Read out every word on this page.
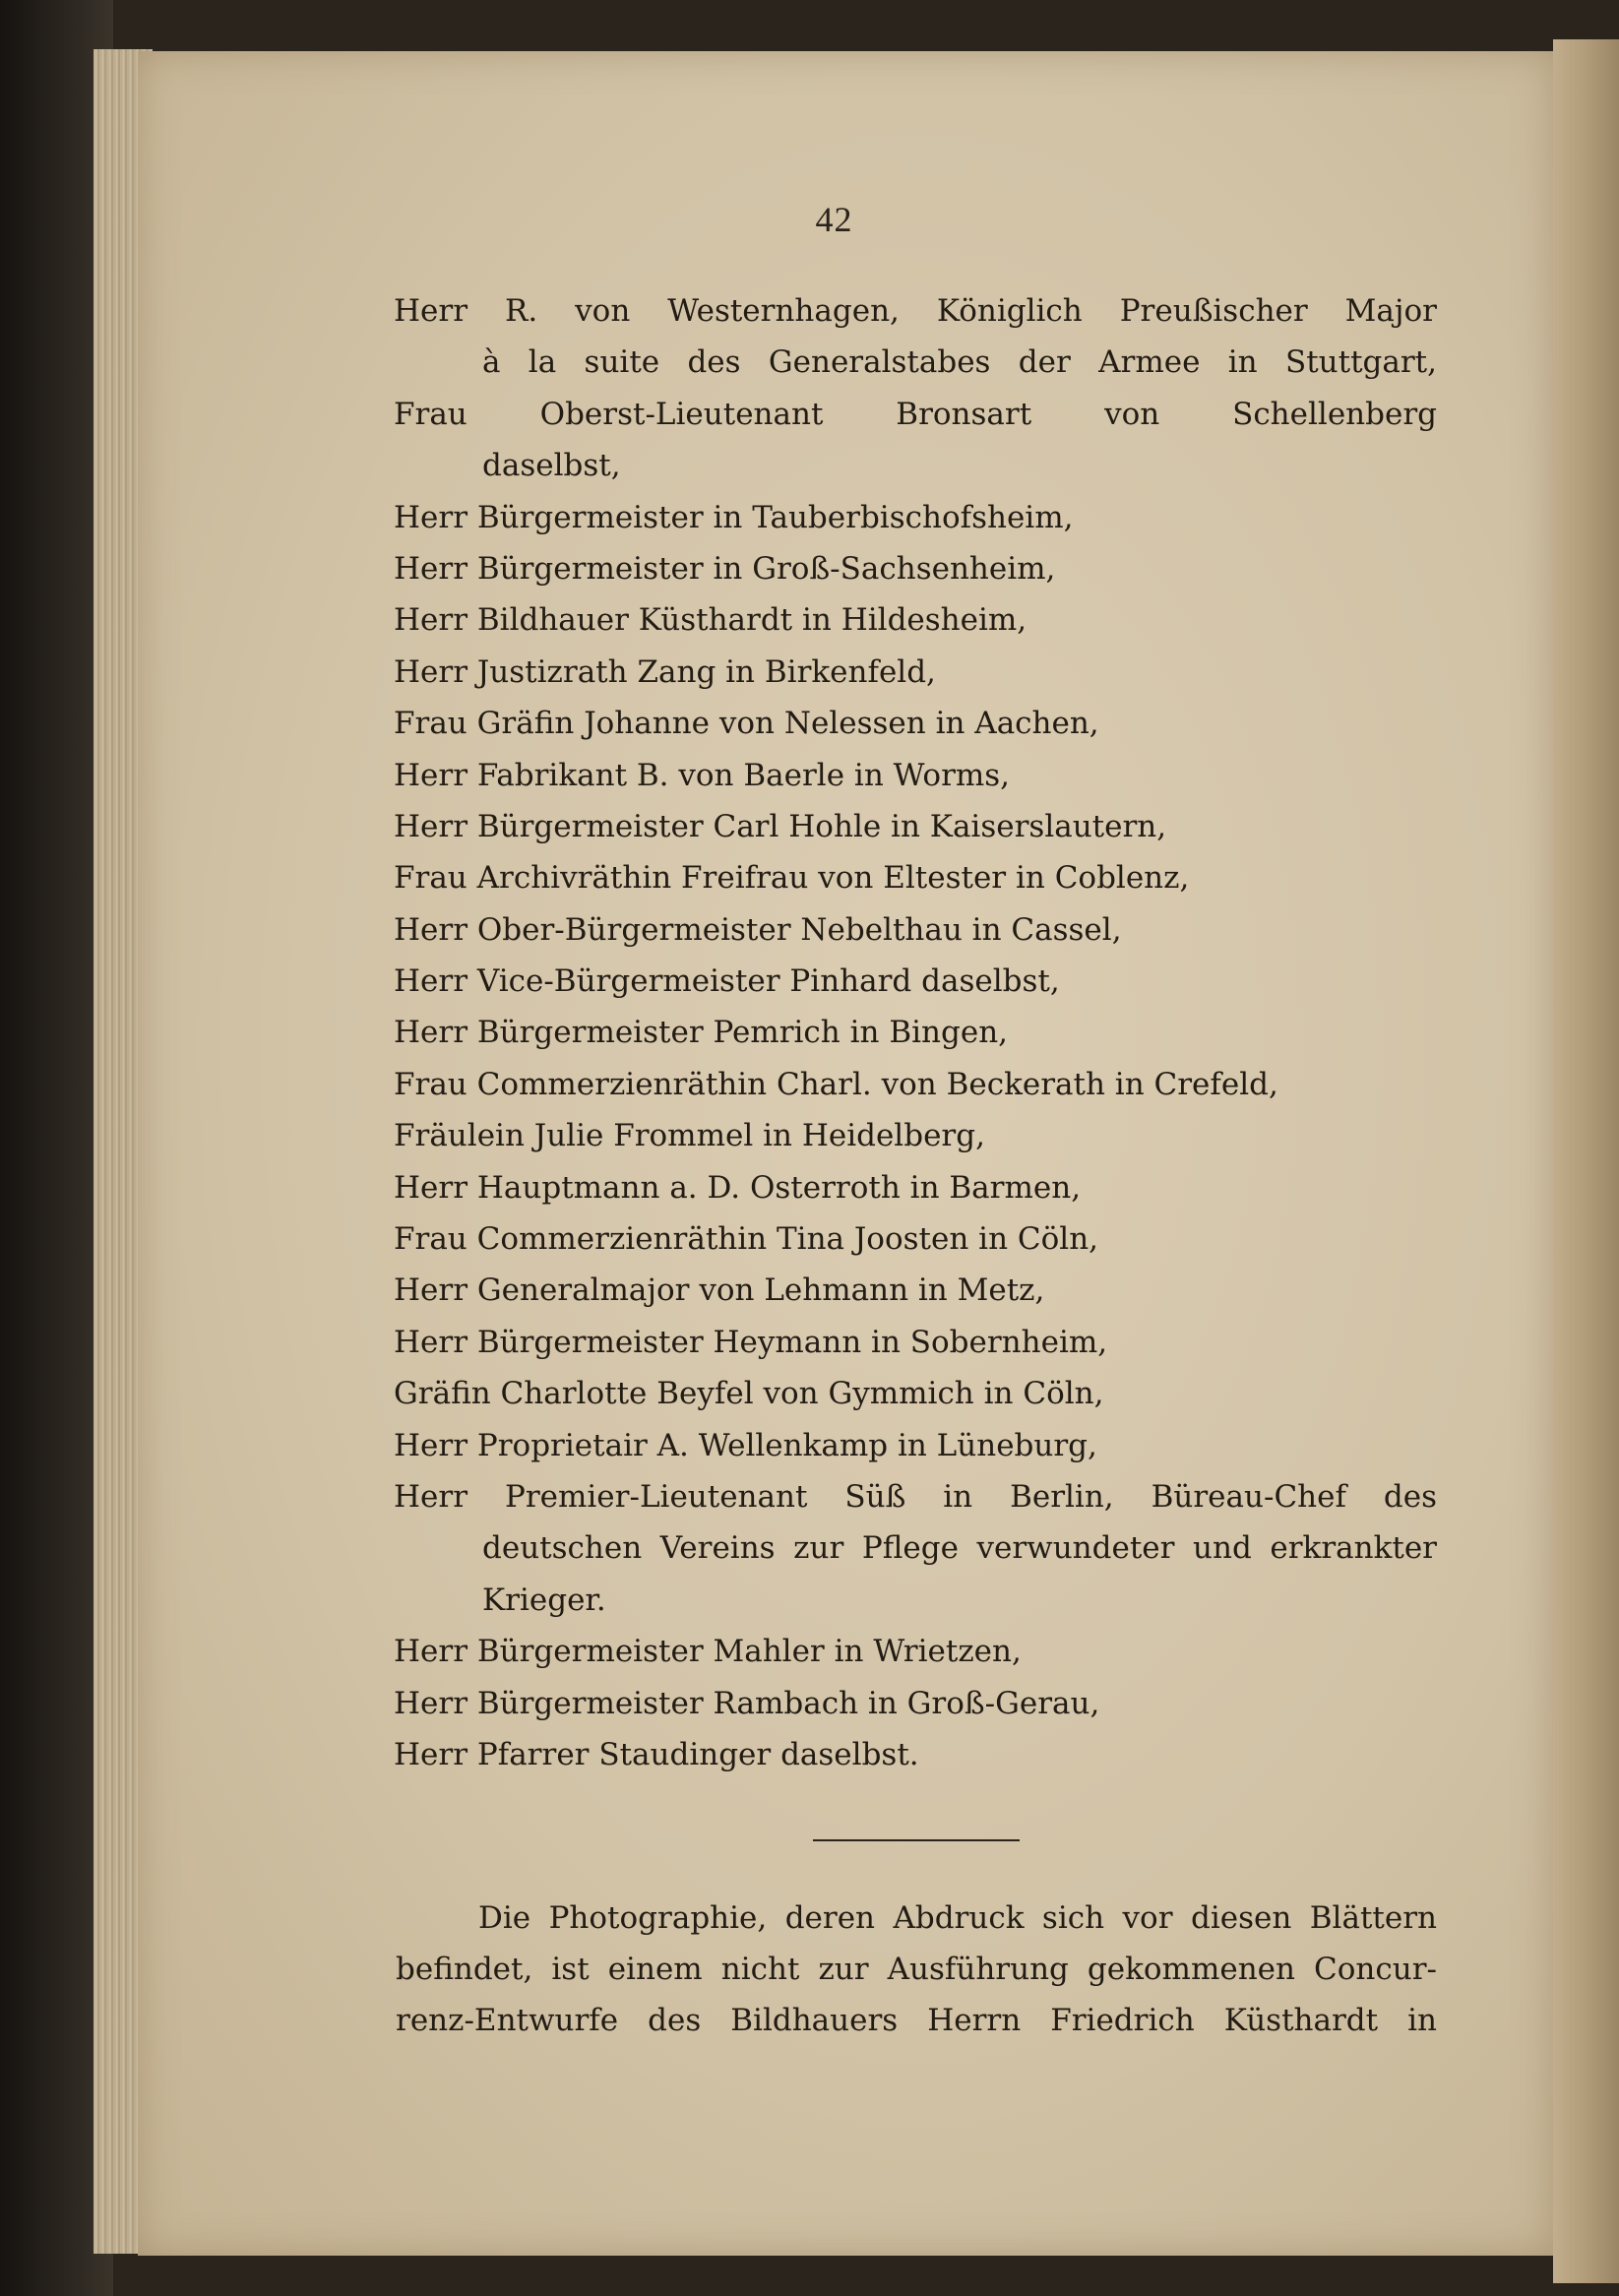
42
Herr R. von Westernhagen, Königlich Preußischer Major
à la suite des Generalstabes der Armee in Stuttgart,
Frau Oberst-Lieutenant Bronsart von Schellenberg
daselbst,
Herr Bürgermeister in Tauberbischofsheim,
Herr Bürgermeister in Groß-Sachsenheim,
Herr Bildhauer Küsthardt in Hildesheim,
Herr Justizrath Zang in Birkenfeld,
Frau Gräfin Johanne von Nelessen in Aachen,
Herr Fabrikant B. von Baerle in Worms,
Herr Bürgermeister Carl Hohle in Kaiserslautern,
Frau Archivräthin Freifrau von Eltester in Coblenz,
Herr Ober-Bürgermeister Nebelthau in Cassel,
Herr Vice-Bürgermeister Pinhard daselbst,
Herr Bürgermeister Pemrich in Bingen,
Frau Commerzienräthin Charl. von Beckerath in Crefeld,
Fräulein Julie Frommel in Heidelberg,
Herr Hauptmann a. D. Osterroth in Barmen,
Frau Commerzienräthin Tina Joosten in Cöln,
Herr Generalmajor von Lehmann in Metz,
Herr Bürgermeister Heymann in Sobernheim,
Gräfin Charlotte Beyfel von Gymmich in Cöln,
Herr Proprietair A. Wellenkamp in Lüneburg,
Herr Premier-Lieutenant Süß in Berlin, Büreau-Chef des
deutschen Vereins zur Pflege verwundeter und erkrankter
Krieger.
Herr Bürgermeister Mahler in Wrietzen,
Herr Bürgermeister Rambach in Groß-Gerau,
Herr Pfarrer Staudinger daselbst.
Die Photographie, deren Abdruck sich vor diesen Blättern
befindet, ist einem nicht zur Ausführung gekommenen Concur-
renz-Entwurfe des Bildhauers Herrn Friedrich Küsthardt in
